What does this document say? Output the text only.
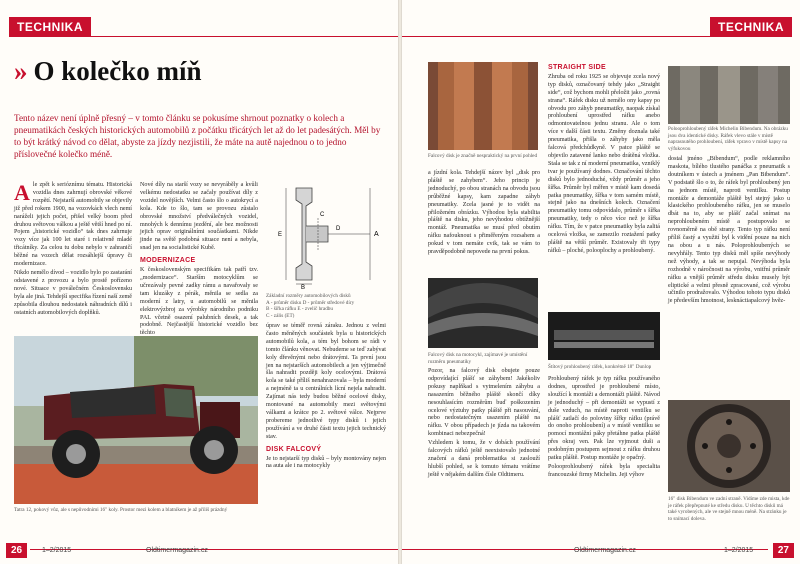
TECHNIKA
» O kolečko míň
Tento název není úplně přesný – v tomto článku se pokusíme shrnout poznatky o kolech a pneumatikách českých historických automobilů z počátku třicátých let až do let padesátých. Měl by to být krátký návod co dělat, abyste za jízdy nezjistili, že máte na autě najednou o to jedno příslovečné kolečko méně.

Ale zpět k serióznímu tématu. Historická vozidla dnes zahrnují obrovské věkové rozpětí. Nejstarší automobily se objevily již před rokem 1900, na vozovkách vlech nemí naráželi jejich počet, přišel velký boom před druhou světovou válkou a ještě větší hned po ní. Pojem „historické vozidlo“ tak dnes zahrnuje vozy více jak 100 let staré i relativně mladé třicátníky. Za celou tu dobu nebylo v zahraničí běžné na vozech dělat rozsáhlejší úpravy či modernizace.

Nikdo nemělo dívod – vozidlo bylo po zastarání odstavené z provozu a bylo prostě pořízeno nové. Situace v poválečném Československu byla ale jiná. Tehdejší specifika řízení naší země způsobila dlouhou nedostatek náhradních dílů i ostatních automobilových doplňků.

Nové díly na starší vozy se nevyráběly a kvůli velkému nedostatku se začaly používat díly z vozidel novějších. Velmi často šlo o autokrycí a kola. Kde to šlo, tam se provozu zůstalo obrovské množství předválečných vozidel, mnohých k dennímu jezdění, ale bez možnosti jejich oprav originálními součástkami. Nikde jinde na světě podobná situace není a nebyla, snad jen na socialistické Kubě.

MODERNIZACE

K československým specifikám tak patří tzv. „modernizace“. Starším motocyklům se učrezávaly pevné zadky rámu a navařovaly se tam kluzáky z pérák, měnila se sedla za moderní z latry, u automobilů se měnila elektrovýzbroj za výrobky národního podniku PAL včetně osazení palubních desek, a tak podobně. Nejčastější historické vozidlo bez těchto

A
B
C
D
E
Základní rozměry automobilových disků
A - průměr disku D - průměr středové díry
B - šířka ráfku E - zvelič hradbu
C - zális (ET)

úprav se téměř rovná záraku. Jednou z velmi často měněných součástek byla u historických automobilů kola, a tém byl bohom se rádi v tomto článku věnovat. Nebudeme se teď zabývat koly dřevěnými nebo drátovými. Ta první jsou jen na nejstarších automobilech a jen výjimečně šla nahradit později koly ocelovými. Drátová kola se také příliš nenahrazovala – byla moderní a nejméně ta u centrálních lícní nejela nahradit. Zajímat nás tedy budou běžné ocelové disky, montované na automobily mezi světovými válkami a krátce po 2. světové válce. Nejprve probereme jednotlivé typy disků i jejich používání a ve druhé části textu jejich technický stav.

DISK FALCOVÝ

Je to nejstarší typ disků – byly montovány nejen na auta ale i na motocykly

Tatra 12, pokový vůz, ale s nepůvodními 16" koly. Prostor mezi kolem a blatníkem je až příliš prázdný
26	1–2/2015	Oldtimermagazin.cz
TECHNIKA
Falcový disk je značně nespraktický na první pohled

a jízdní kola. Tehdejší název byl „disk pro pláště se zahybem“. Jeho princip je jednoduchý, po obou stranách na obvodu jsou průběžné kapsy, kam zapadne záhyb pneumatiky. Zcela jasné je to vidět na přiloženém obrázku. Výhodou byla stabilita pláště na disku, jeho nevýhodou obtížnější montáž. Pneumatika se musí před obutím ráfku nafouknout s přiměřeným rozsahem a pokud v tom nemáte cvik, tak se vám to pravděpodobně nepovede na první pokus.

Falcový disk na motocykl, zajímavé je umístění rozměru pneumatiky

Pozor, na falcový disk obujete pouze odpovídající plášť se záhybem! Jakékoliv pokusy naplňkad s vytmelením záhybu a nasazením běžného pláště skončí díky nesouhlasícím rozměrům buď poškozením ocelové výztuhy patky pláště při nasouvání, nebo nedostatečným usazením pláště na ráfku. V obou případech je jízda na takovém kombinaci nebezpečná!

Vzhledem k tomu, že v dobách používání falcových ráfků ještě neexistovalo jednotné značení a daná problematika si zaslouží hlubší pohled, se k tomuto tématu vrátíme ještě v nějakém dalším čísle Oldtimeru.

STRAIGHT SIDE

Zhruba od roku 1925 se objevuje zcela nový typ disků, označovaný tehdy jako „Straight side“, což bychom mohli přeložit jako „rovná strana“. Ráfek disku už nemělo ony kapsy po obvodu pro záhyb pneumatiky, naopak získal prohloubení uprostřed ráfku anebo odmontovatelnou jednu stranu. Ale o tom více v další části textu. Změny doznala také pneumatika, přišla o záhyby jako měla falcová předchůdkyně. V patce pláště se objevilo zatavené lanko nebo drátěná vložka. Stala se tak z ní moderní pneumatika, vzniklý tvar je používaný dodnes. Označování těchto disků bylo jednoduché, vždy průměr a jeho šířka. Průměr byl měřen v místě kam dosedá patka pneumatiky, šířka v tom samém místě, stejně jako na dnešních kolech. Označení pneumatiky tomu odpovídalo, průměr s šířka pneumatiky, tedy o něco více než je šířka ráfku. Tím, že v patce pneumatiky byla zalitá ocelová vložka, se zamezilo roztažení patky pláště na větší průměr. Existovaly tři typy ráfků – ploché, polooplochy a prohloubený.

Štítový prohloubený ráfek, konkrétně 18" Dunlop

Prohloubený ráfek je typ ráfku používaného dodnes, uprostřed je prohloubené místo, sloužící k montáži a demontáži pláště. Návod je jednoduchý – při demontáži se vypustí z duše vzduch, na místě naproti ventilku se plášť zatlačí do poloviny šířky ráfku (právě do onoho prohloubení) a v místě ventilku se pomocí montážní páky přetáhne patka pláště přes okraj ven. Pak lze vyjmout duši a podobným postupem sejmout z ráfku druhou patku pláště. Postup montáže je opačný.

Polooprohloubený ráfek byla specialita francouzské firmy Michelin. Jeji výhov

Polooprohloubený ráfek Michelin Bibendum. Na obrázku jsou dva identické disky. Ráfek vlevo stále v místě naprasnutého prohloubení, ráfek vpravo v místě kapsy na výfukovou

dostal jméno „Bibendum“, podle reklamního maskota, bílého tlustého panáčka z pneumatik s doutníkem v ústech a jménem „Pan Bibendum“. V podstatě šlo o to, že ráfek byl prohloubený jen na jednom místě, naproti ventilku. Postup montáže a demontáže pláště byl stejný jako u klasického prohloubeného ráfku, jen se muselo dbát na to, aby se plášť začal snímat na neprohloubeném místě a postupovalo se rovnoměrně na obě strany. Tento typ ráfku není příliš častý a využití byl k vidění pouze na nich na obou a u nás. Poloprohloubených se nevyhřály. Tento typ disků měl spíše nevýhody než výhody, a tak se nepujal. Nevýhoda byla rozhodně v náročnosti na výrobu, vnitřní průměr ráfku a vnější průměr středu disku musely být eliptické a velmi přesně zpracované, což výrobu učinilo prodražovalo. Výhodou tohoto typu disků je především hmotnost, lesknáctiapalcový hvěz-

16" disk Bibendum ve zadní straně. Vidíme zde mista, kde je ráfek přepřepnuté ke středu disku. U těchto disků má také vyrobených, ale ve stejně mnou méně. Na stránku je to snímací doleva.
Oldtimermagazin.cz	1–2/2015	27
